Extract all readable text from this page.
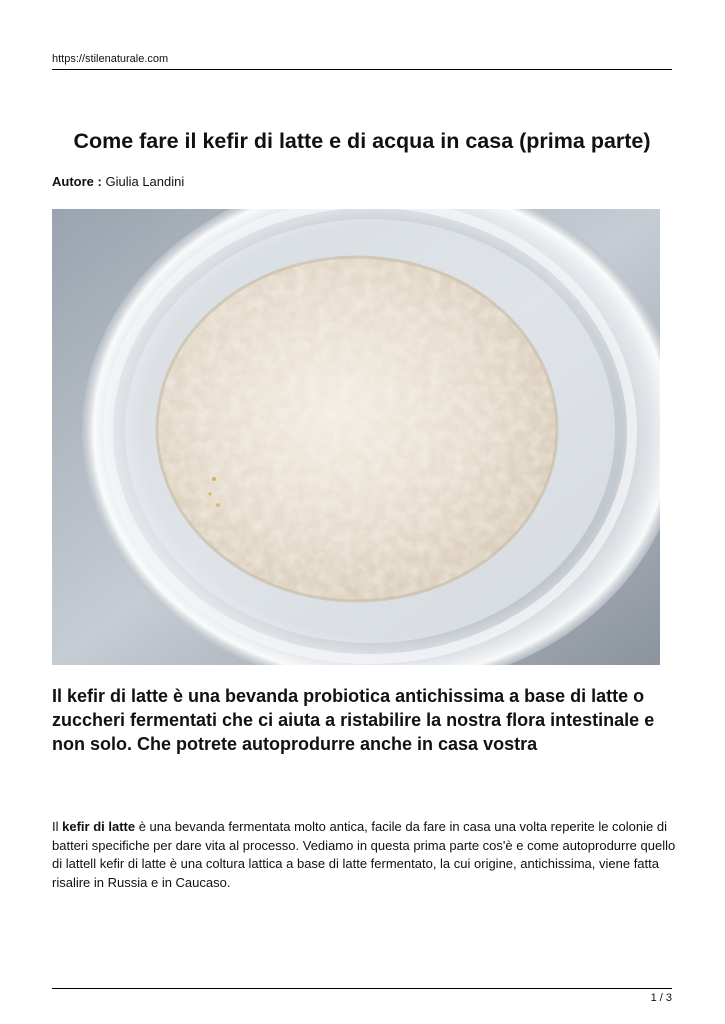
https://stilenaturale.com
Come fare il kefir di latte e di acqua in casa (prima parte)
Autore : Giulia Landini
Il kefir di latte è una bevanda probiotica antichissima a base di latte o zuccheri fermentati che ci aiuta a ristabilire la nostra flora intestinale e non solo. Che potrete autoprodurre anche in casa vostra
Il kefir di latte è una bevanda fermentata molto antica, facile da fare in casa una volta reperite le colonie di batteri specifiche per dare vita al processo. Vediamo in questa prima parte cos'è e come autoprodurre quello di lattell kefir di latte è una coltura lattica a base di latte fermentato, la cui origine, antichissima, viene fatta risalire in Russia e in Caucaso.
1 / 3
